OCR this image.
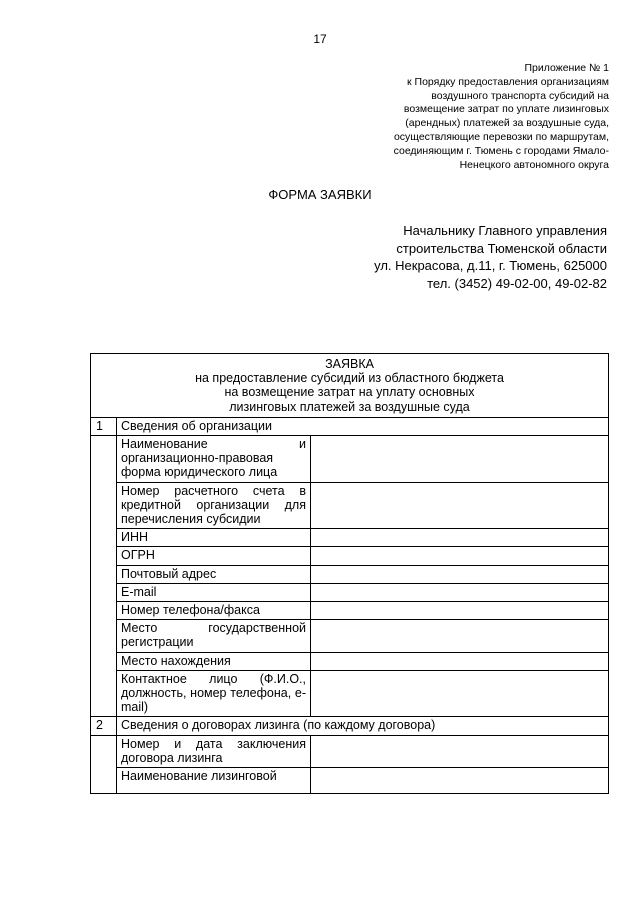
17
Приложение № 1
к Порядку предоставления организациям
воздушного транспорта субсидий на
возмещение затрат по уплате лизинговых
(арендных) платежей за воздушные суда,
осуществляющие перевозки по маршрутам,
соединяющим г. Тюмень с городами Ямало-
Ненецкого автономного округа
ФОРМА ЗАЯВКИ
Начальнику Главного управления
строительства Тюменской области
ул. Некрасова, д.11, г. Тюмень, 625000
тел. (3452) 49-02-00, 49-02-82
ЗАЯВКА
на предоставление субсидий из областного бюджета
на возмещение затрат на уплату основных
лизинговых платежей за воздушные суда		

1	Сведения об организации	
	Наименование и организационно-правовая форма юридического лица	
	Номер расчетного счета в кредитной организации для перечисления субсидии	
	ИНН	
	ОГРН	
	Почтовый адрес	
	E-mail	
	Номер телефона/факса	
	Место государственной регистрации	
	Место нахождения	
	Контактное лицо (Ф.И.О., должность, номер телефона, e-mail)	
2	Сведения о договорах лизинга (по каждому договора)	
	Номер и дата заключения договора лизинга	
	Наименование лизинговой	
